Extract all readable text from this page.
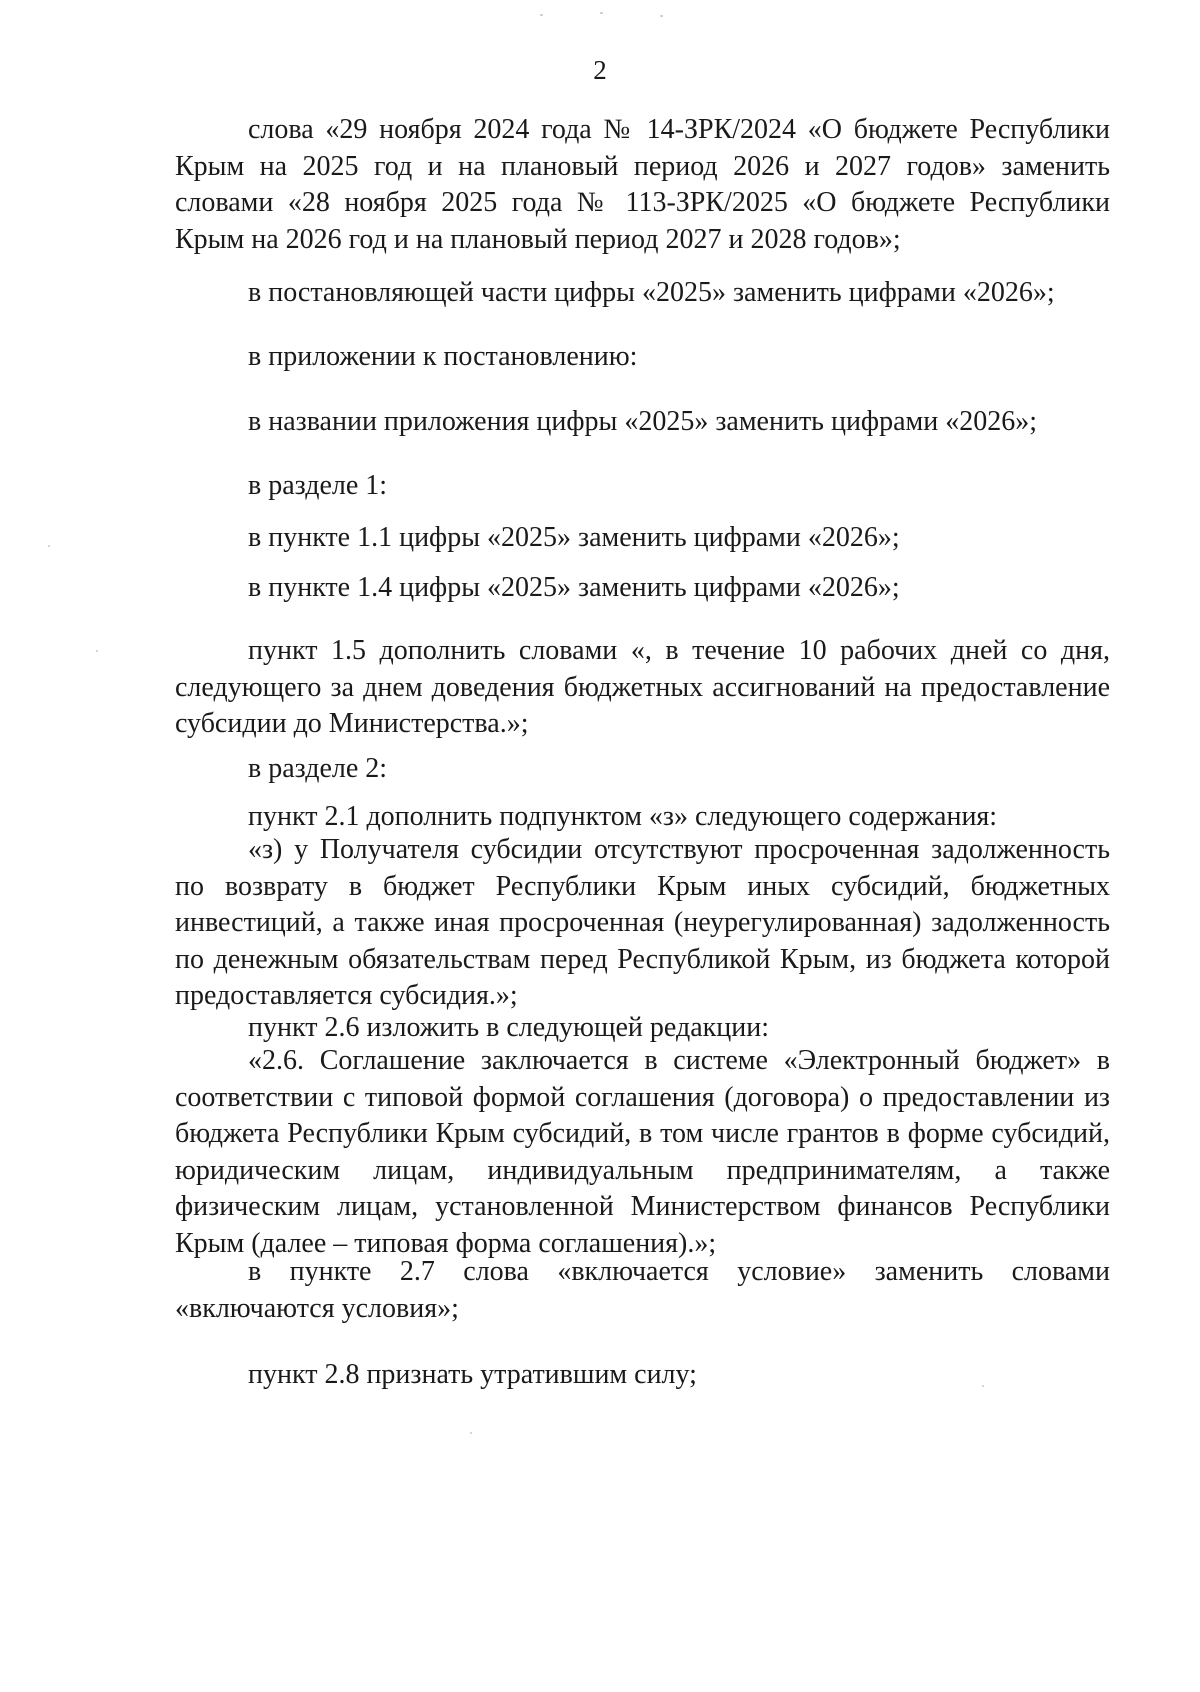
2
слова «29 ноября 2024 года № 14-ЗРК/2024 «О бюджете Республики Крым на 2025 год и на плановый период 2026 и 2027 годов» заменить словами «28 ноября 2025 года № 113-ЗРК/2025 «О бюджете Республики Крым на 2026 год и на плановый период 2027 и 2028 годов»;
в постановляющей части цифры «2025» заменить цифрами «2026»;
в приложении к постановлению:
в названии приложения цифры «2025» заменить цифрами «2026»;
в разделе 1:
в пункте 1.1 цифры «2025» заменить цифрами «2026»;
в пункте 1.4 цифры «2025» заменить цифрами «2026»;
пункт 1.5 дополнить словами «, в течение 10 рабочих дней со дня, следующего за днем доведения бюджетных ассигнований на предоставление субсидии до Министерства.»;
в разделе 2:
пункт 2.1 дополнить подпунктом «з» следующего содержания:
«з) у Получателя субсидии отсутствуют просроченная задолженность по возврату в бюджет Республики Крым иных субсидий, бюджетных инвестиций, а также иная просроченная (неурегулированная) задолженность по денежным обязательствам перед Республикой Крым, из бюджета которой предоставляется субсидия.»;
пункт 2.6 изложить в следующей редакции:
«2.6. Соглашение заключается в системе «Электронный бюджет» в соответствии с типовой формой соглашения (договора) о предоставлении из бюджета Республики Крым субсидий, в том числе грантов в форме субсидий, юридическим лицам, индивидуальным предпринимателям, а также физическим лицам, установленной Министерством финансов Республики Крым (далее – типовая форма соглашения).»;
в пункте 2.7 слова «включается условие» заменить словами «включаются условия»;
пункт 2.8 признать утратившим силу;
